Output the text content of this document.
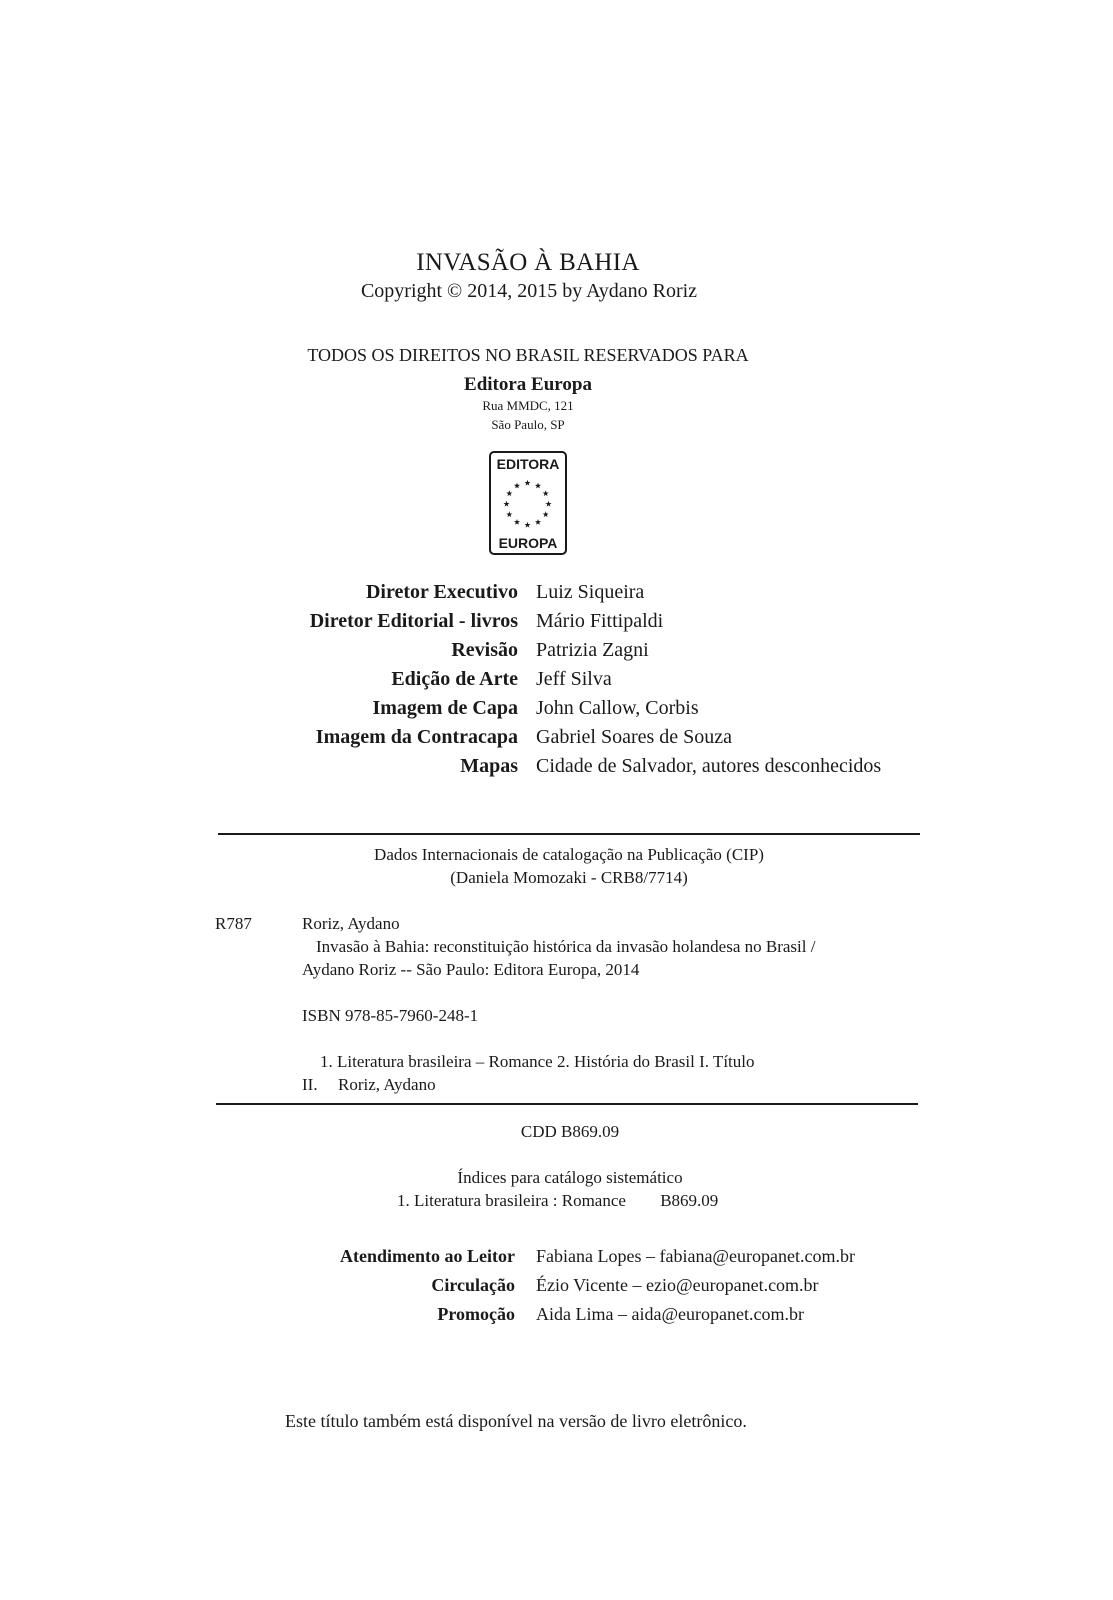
INVASÃO À BAHIA
Copyright © 2014, 2015 by Aydano Roriz
TODOS OS DIREITOS NO BRASIL RESERVADOS PARA
Editora Europa
Rua MMDC, 121
São Paulo, SP
EDITORA
EUROPA
Diretor Executivo Luiz Siqueira
Diretor Editorial - livros Mário Fittipaldi
Revisão Patrizia Zagni
Edição de Arte Jeff Silva
Imagem de Capa John Callow, Corbis
Imagem da Contracapa Gabriel Soares de Souza
Mapas Cidade de Salvador, autores desconhecidos
Dados Internacionais de catalogação na Publicação (CIP)
(Daniela Momozaki - CRB8/7714)
R787	Roriz, Aydano
Invasão à Bahia: reconstituição histórica da invasão holandesa no Brasil /
Aydano Roriz -- São Paulo: Editora Europa, 2014
ISBN 978-85-7960-248-1
1. Literatura brasileira – Romance 2. História do Brasil I. Título
II. Roriz, Aydano
CDD B869.09
Índices para catálogo sistemático
1. Literatura brasileira : Romance B869.09
Atendimento ao Leitor Fabiana Lopes – fabiana@europanet.com.br
Circulação Ézio Vicente – ezio@europanet.com.br
Promoção Aida Lima – aida@europanet.com.br
Este título também está disponível na versão de livro eletrônico.
